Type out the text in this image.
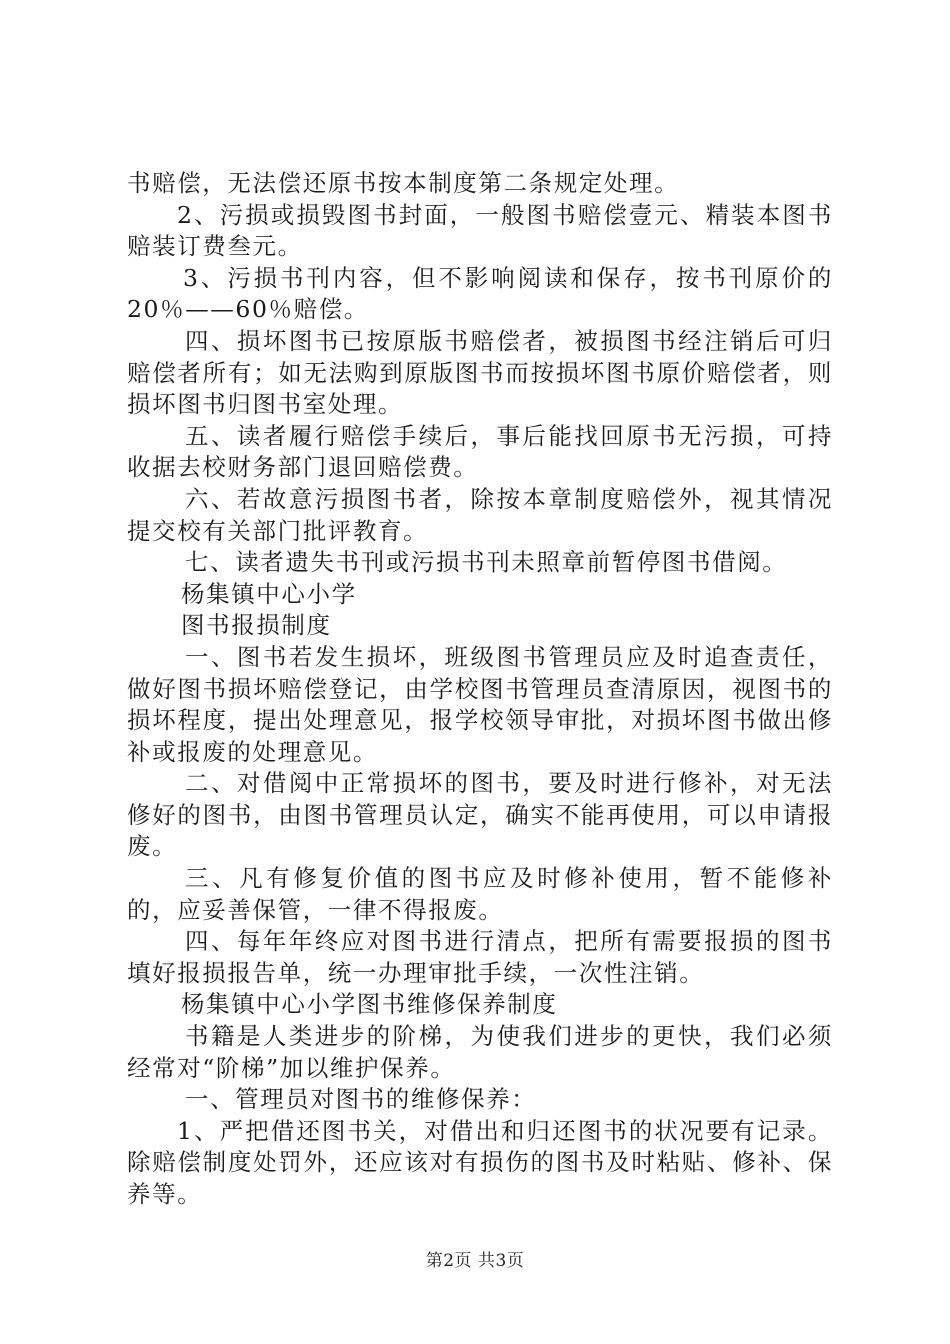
书赔偿，无法偿还原书按本制度第二条规定处理。

2、污损或损毁图书封面，一般图书赔偿壹元、精装本图书赔装订费叁元。

3、污损书刊内容，但不影响阅读和保存，按书刊原价的20％——60％赔偿。

四、损坏图书已按原版书赔偿者，被损图书经注销后可归赔偿者所有；如无法购到原版图书而按损坏图书原价赔偿者，则损坏图书归图书室处理。

五、读者履行赔偿手续后，事后能找回原书无污损，可持收据去校财务部门退回赔偿费。

六、若故意污损图书者，除按本章制度赔偿外，视其情况提交校有关部门批评教育。

七、读者遗失书刊或污损书刊未照章前暂停图书借阅。

杨集镇中心小学

图书报损制度

一、图书若发生损坏，班级图书管理员应及时追查责任，做好图书损坏赔偿登记，由学校图书管理员查清原因，视图书的损坏程度，提出处理意见，报学校领导审批，对损坏图书做出修补或报废的处理意见。

二、对借阅中正常损坏的图书，要及时进行修补，对无法修好的图书，由图书管理员认定，确实不能再使用，可以申请报废。

三、凡有修复价值的图书应及时修补使用，暂不能修补的，应妥善保管，一律不得报废。

四、每年年终应对图书进行清点，把所有需要报损的图书填好报损报告单，统一办理审批手续，一次性注销。

杨集镇中心小学图书维修保养制度

书籍是人类进步的阶梯，为使我们进步的更快，我们必须经常对“阶梯”加以维护保养。

一、管理员对图书的维修保养：

1、严把借还图书关，对借出和归还图书的状况要有记录。除赔偿制度处罚外，还应该对有损伤的图书及时粘贴、修补、保养等。

第2页 共3页
